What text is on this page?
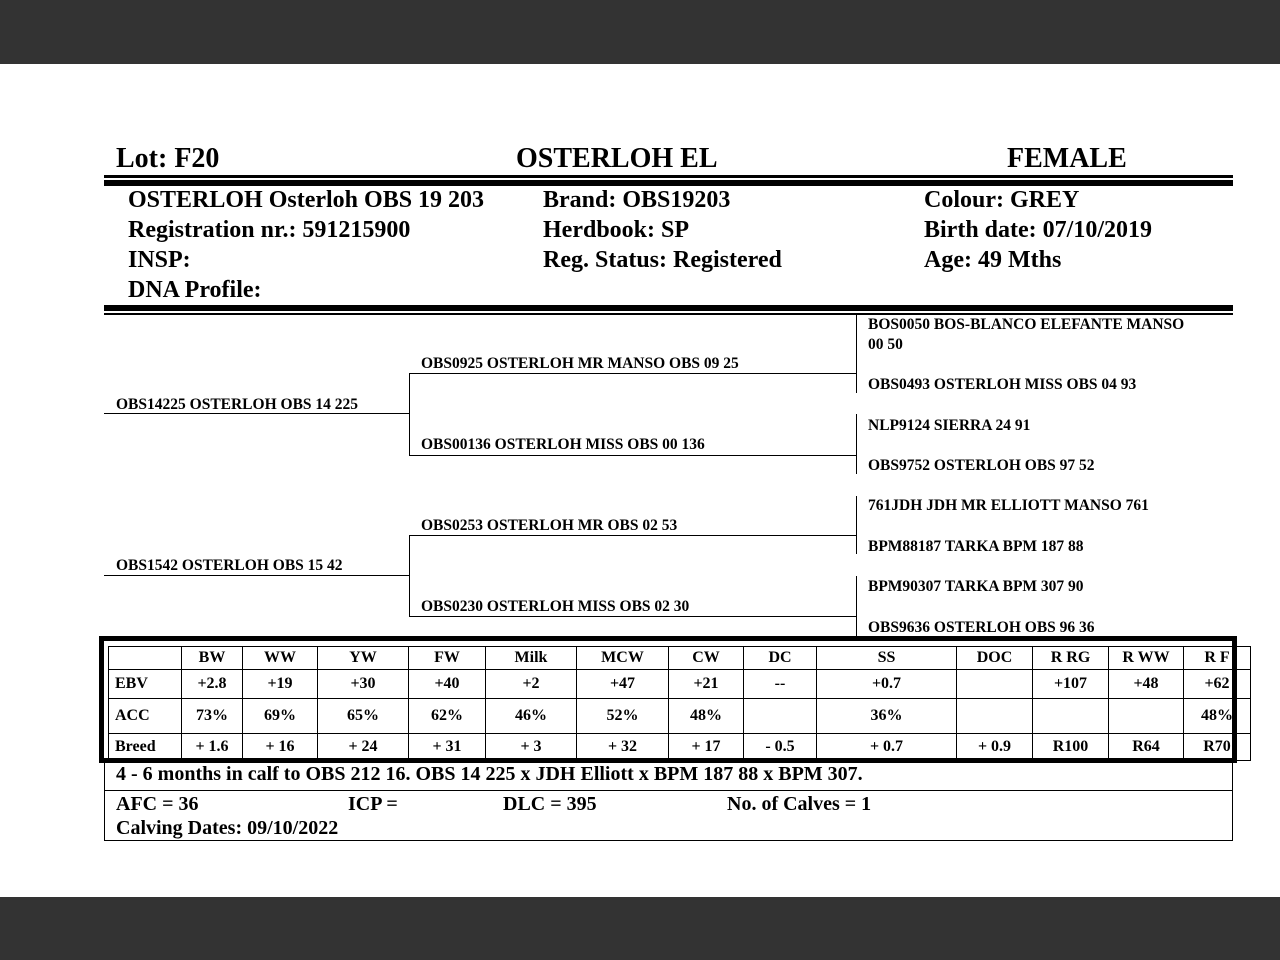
Lot: F20	OSTERLOH EL	FEMALE
OSTERLOH Osterloh OBS 19 203
Registration nr.: 591215900
INSP:
DNA Profile:
Brand: OBS19203
Herdbook: SP
Reg. Status: Registered
Colour: GREY
Birth date: 07/10/2019
Age: 49 Mths
OBS14225 OSTERLOH OBS 14 225
OBS1542 OSTERLOH OBS 15 42
OBS0925 OSTERLOH MR MANSO OBS 09 25
OBS00136 OSTERLOH MISS OBS 00 136
OBS0253 OSTERLOH MR OBS 02 53
OBS0230 OSTERLOH MISS OBS 02 30
BOS0050 BOS-BLANCO ELEFANTE MANSO
00 50
OBS0493 OSTERLOH MISS OBS 04 93
NLP9124 SIERRA 24 91
OBS9752 OSTERLOH OBS 97 52
761JDH JDH MR ELLIOTT MANSO 761
BPM88187 TARKA BPM 187 88
BPM90307 TARKA BPM 307 90
OBS9636 OSTERLOH OBS 96 36
	BW	WW	YW	FW	Milk	MCW	CW	DC	SS	DOC	R RG	R WW	R F
EBV	+2.8	+19	+30	+40	+2	+47	+21	--	+0.7		+107	+48	+62
ACC	73%	69%	65%	62%	46%	52%	48%		36%				48%
Breed	+ 1.6	+ 16	+ 24	+ 31	+ 3	+ 32	+ 17	- 0.5	+ 0.7	+ 0.9	R100	R64	R70
4 - 6 months in calf to OBS 212 16. OBS 14 225 x JDH Elliott x BPM 187 88 x BPM 307.
AFC = 36	ICP =	DLC = 395	No. of Calves = 1
Calving Dates: 09/10/2022
